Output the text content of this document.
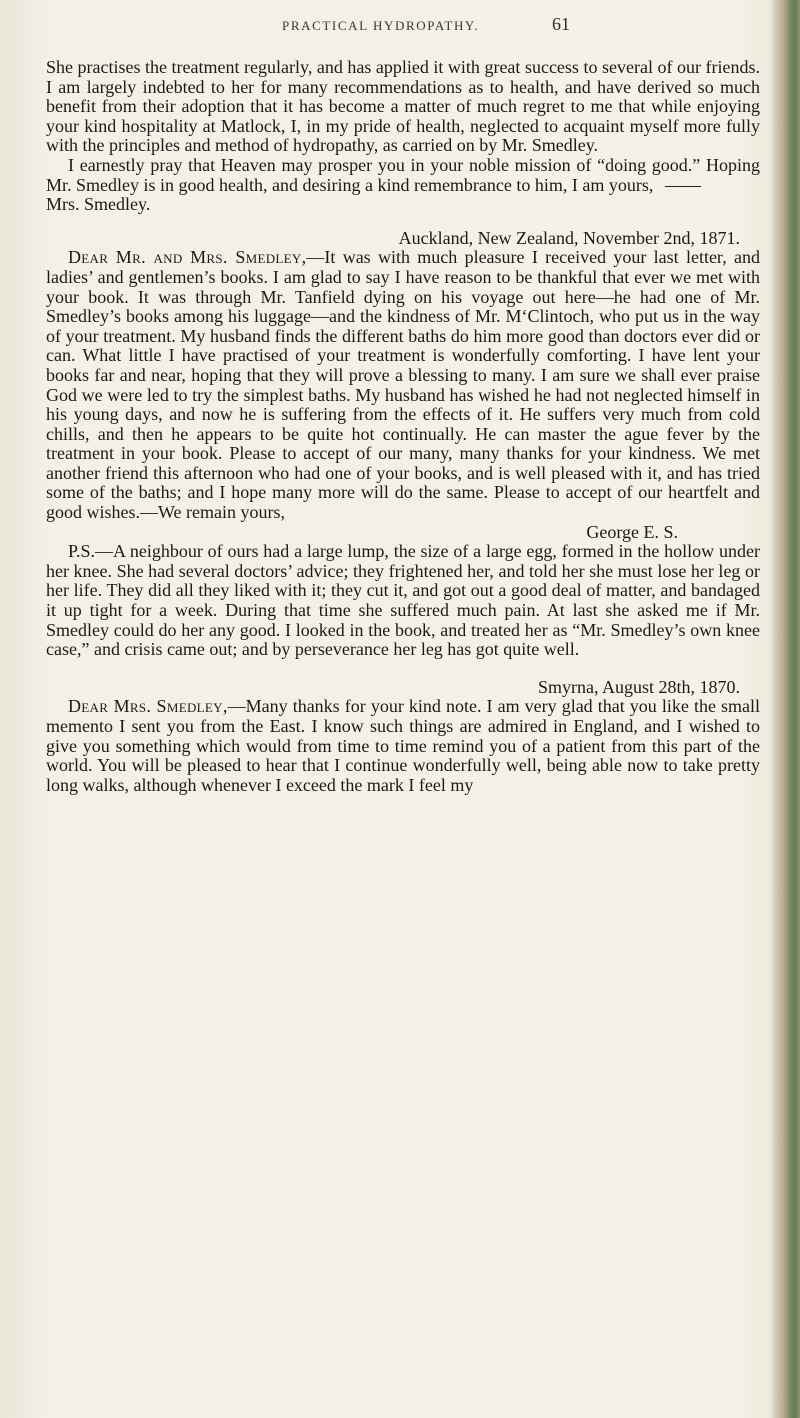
PRACTICAL HYDROPATHY.	61

She practises the treatment regularly, and has applied it with great success to several of our friends. I am largely indebted to her for many recommendations as to health, and have derived so much benefit from their adoption that it has become a matter of much regret to me that while enjoying your kind hospitality at Matlock, I, in my pride of health, neglected to acquaint myself more fully with the principles and method of hydropathy, as carried on by Mr. Smedley.

I earnestly pray that Heaven may prosper you in your noble mission of “doing good.” Hoping Mr. Smedley is in good health, and desiring a kind remembrance to him, I am yours,

Mrs. Smedley.

Auckland, New Zealand, November 2nd, 1871.

Dear Mr. and Mrs. Smedley,—It was with much pleasure I received your last letter, and ladies’ and gentlemen’s books. I am glad to say I have reason to be thankful that ever we met with your book. It was through Mr. Tanfield dying on his voyage out here—he had one of Mr. Smedley’s books among his luggage—and the kindness of Mr. M‘Clintoch, who put us in the way of your treatment. My husband finds the different baths do him more good than doctors ever did or can. What little I have practised of your treatment is wonderfully comforting. I have lent your books far and near, hoping that they will prove a blessing to many. I am sure we shall ever praise God we were led to try the simplest baths. My husband has wished he had not neglected himself in his young days, and now he is suffering from the effects of it. He suffers very much from cold chills, and then he appears to be quite hot continually. He can master the ague fever by the treatment in your book. Please to accept of our many, many thanks for your kindness. We met another friend this afternoon who had one of your books, and is well pleased with it, and has tried some of the baths; and I hope many more will do the same. Please to accept of our heartfelt and good wishes.—We remain yours,

George E. S.

P.S.—A neighbour of ours had a large lump, the size of a large egg, formed in the hollow under her knee. She had several doctors’ advice; they frightened her, and told her she must lose her leg or her life. They did all they liked with it; they cut it, and got out a good deal of matter, and bandaged it up tight for a week. During that time she suffered much pain. At last she asked me if Mr. Smedley could do her any good. I looked in the book, and treated her as “Mr. Smedley’s own knee case,” and crisis came out; and by perseverance her leg has got quite well.

Smyrna, August 28th, 1870.

Dear Mrs. Smedley,—Many thanks for your kind note. I am very glad that you like the small memento I sent you from the East. I know such things are admired in England, and I wished to give you something which would from time to time remind you of a patient from this part of the world. You will be pleased to hear that I continue wonderfully well, being able now to take pretty long walks, although whenever I exceed the mark I feel my
